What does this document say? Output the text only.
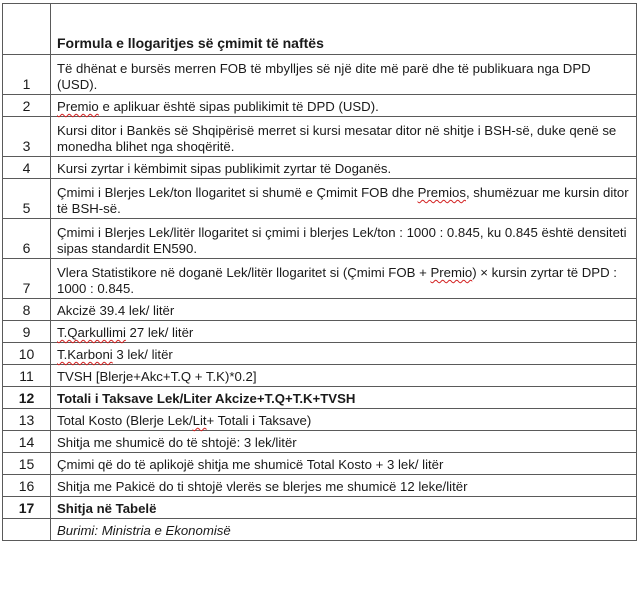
	Formula e llogaritjes së çmimit të naftës
1	Të dhënat e bursës merren FOB të mbylljes së një dite më parë dhe të publikuara nga DPD (USD).
2	Premio e aplikuar është sipas publikimit të DPD (USD).
3	Kursi ditor i Bankës së Shqipërisë merret si kursi mesatar ditor në shitje i BSH-së, duke qenë se monedha blihet nga shoqëritë.
4	Kursi zyrtar i këmbimit sipas publikimit zyrtar të Doganës.
5	Çmimi i Blerjes Lek/ton llogaritet si shumë e Çmimit FOB dhe Premios, shumëzuar me kursin ditor të BSH-së.
6	Çmimi i Blerjes Lek/litër llogaritet si çmimi i blerjes Lek/ton : 1000 : 0.845, ku 0.845 është densiteti sipas standardit EN590.
7	Vlera Statistikore në doganë Lek/litër llogaritet si (Çmimi FOB + Premio) × kursin zyrtar të DPD : 1000 : 0.845.
8	Akcizë 39.4 lek/ litër
9	T.Qarkullimi 27 lek/ litër
10	T.Karboni 3 lek/ litër
11	TVSH [Blerje+Akc+T.Q + T.K)*0.2]
12	Totali i Taksave Lek/Liter Akcize+T.Q+T.K+TVSH
13	Total Kosto (Blerje Lek/Lit+ Totali i Taksave)
14	Shitja me shumicë do të shtojë: 3 lek/litër
15	Çmimi që do të aplikojë shitja me shumicë Total Kosto + 3 lek/ litër
16	Shitja me Pakicë do ti shtojë vlerës se blerjes me shumicë 12 leke/litër
17	Shitja në Tabelë
	Burimi: Ministria e Ekonomisë
